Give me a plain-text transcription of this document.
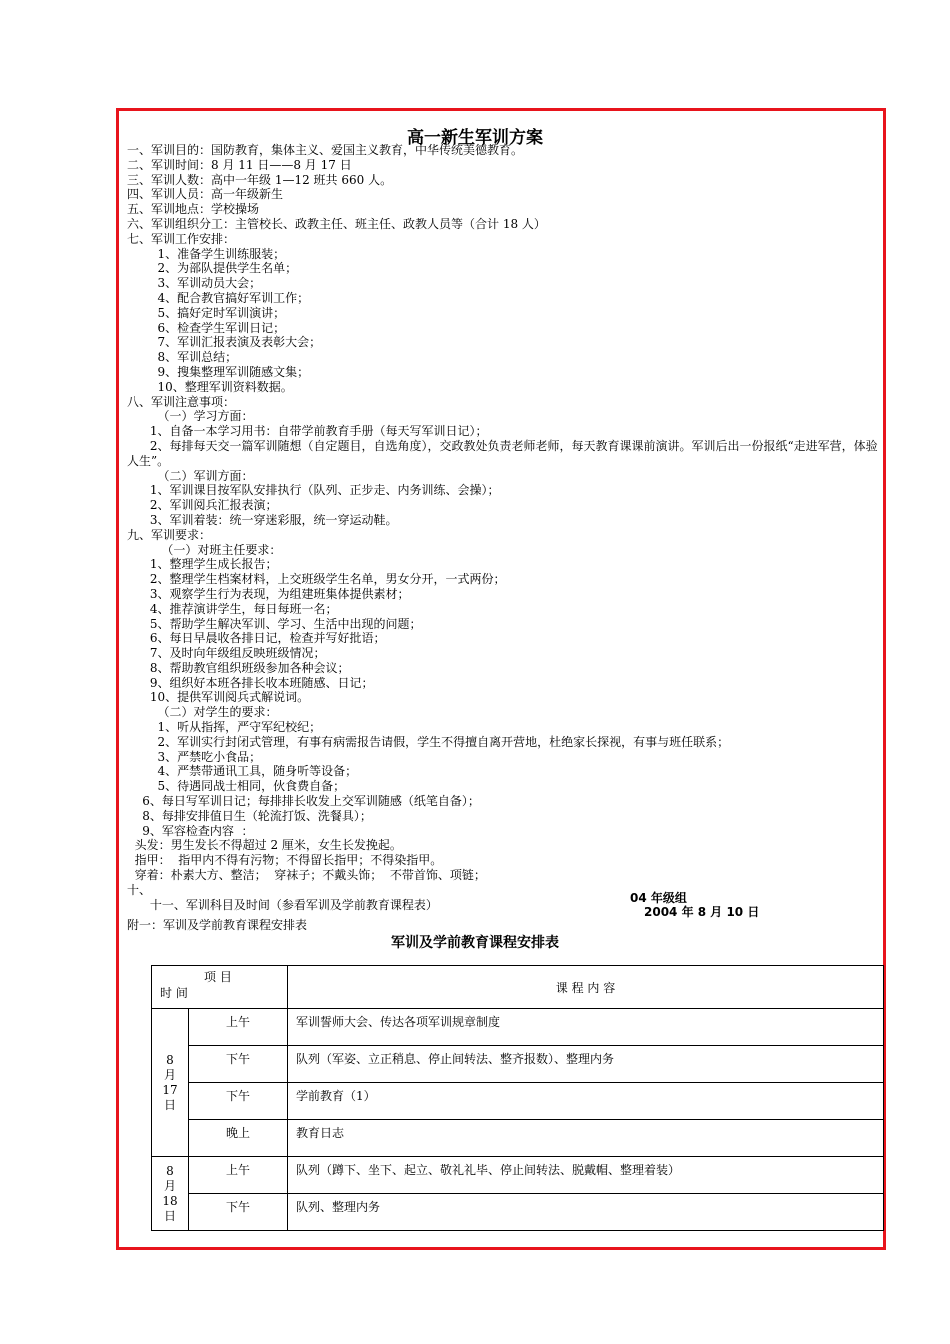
高一新生军训方案
一、军训目的：国防教育，集体主义、爱国主义教育，中华传统美德教育。
二、军训时间：8 月 11 日——8 月 17 日
三、军训人数：高中一年级 1—12 班共 660 人。
四、军训人员：高一年级新生
五、军训地点：学校操场
六、军训组织分工：主管校长、政教主任、班主任、政教人员等（合计 18 人）
七、军训工作安排：
1、准备学生训练服装；
2、为部队提供学生名单；
3、军训动员大会；
4、配合教官搞好军训工作；
5、搞好定时军训演讲；
6、检查学生军训日记；
7、军训汇报表演及表彰大会；
8、军训总结；
9、搜集整理军训随感文集；
10、整理军训资料数据。
八、军训注意事项：
（一）学习方面：
1、自备一本学习用书：自带学前教育手册（每天写军训日记）；
2、每排每天交一篇军训随想（自定题目，自选角度），交政教处负责老师老师，每天教育课课前演讲。军训后出一份报纸“走进军营，体验人生”。
（二）军训方面：
1、军训课目按军队安排执行（队列、正步走、内务训练、会操）；
2、军训阅兵汇报表演；
3、军训着装：统一穿迷彩服，统一穿运动鞋。
九、军训要求：
（一）对班主任要求：
1、整理学生成长报告；
2、整理学生档案材料，上交班级学生名单，男女分开，一式两份；
3、观察学生行为表现，为组建班集体提供素材；
4、推荐演讲学生，每日每班一名；
5、帮助学生解决军训、学习、生活中出现的问题；
6、每日早晨收各排日记，检查并写好批语；
7、及时向年级组反映班级情况；
8、帮助教官组织班级参加各种会议；
9、组织好本班各排长收本班随感、日记；
10、提供军训阅兵式解说词。
（二）对学生的要求：
1、听从指挥，严守军纪校纪；
2、军训实行封闭式管理，有事有病需报告请假，学生不得擅自离开营地，杜绝家长探视，有事与班任联系；
3、严禁吃小食品；
4、严禁带通讯工具，随身听等设备；
5、待遇同战士相同，伙食费自备；
6、每日写军训日记；每排排长收发上交军训随感（纸笔自备）；
8、每排安排值日生（轮流打饭、洗餐具）；
9、军容检查内容  ：
头发：男生发长不得超过 2 厘米，女生长发挽起。
指甲：  指甲内不得有污物；不得留长指甲；不得染指甲。
穿着：朴素大方、整洁；  穿袜子；不戴头饰；  不带首饰、项链；
十、
十一、军训科目及时间（参看军训及学前教育课程表）	04 年级组
2004 年 8 月 10 日
附一：军训及学前教育课程安排表
军训及学前教育课程安排表
项 目
时 间		课 程 内 容

8
月
17
日	上午	军训誓师大会、传达各项军训规章制度
	下午	队列（军姿、立正稍息、停止间转法、整齐报数）、整理内务
	下午	学前教育（1）
	晚上	教育日志

8
月
18
日	上午	队列（蹲下、坐下、起立、敬礼礼毕、停止间转法、脱戴帽、整理着装）
	下午	队列、整理内务
